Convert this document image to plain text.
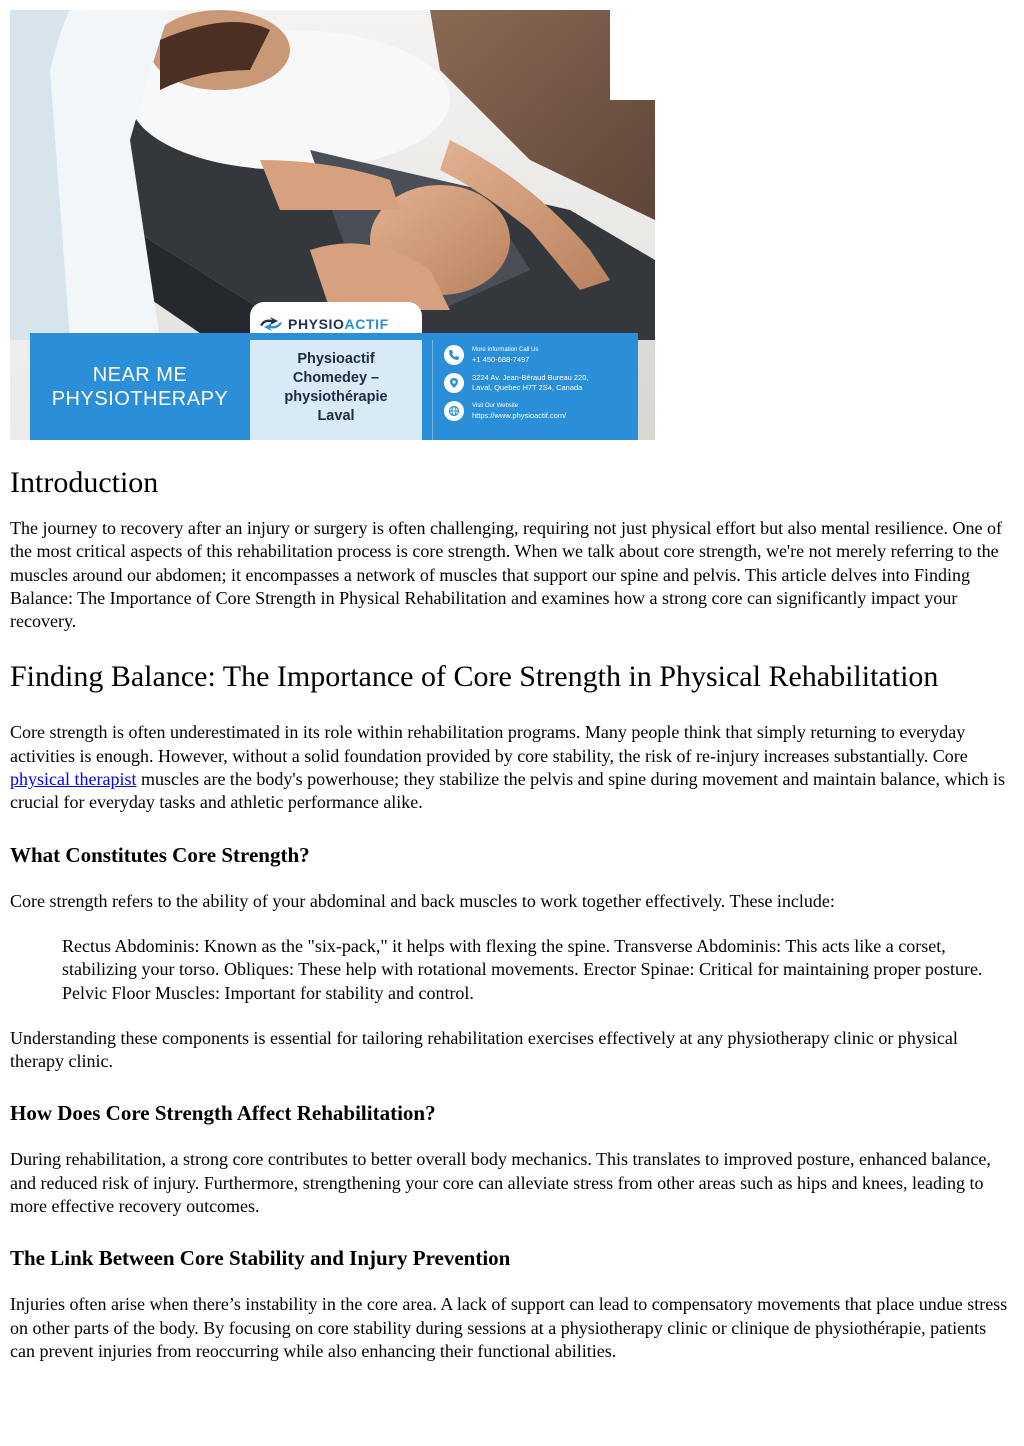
PHYSIO ACTIF
NEAR ME
PHYSIOTHERAPY
Physioactif
Chomedey –
physiothérapie
Laval
More Information Call Us
+1 450-688-7497
3224 Av. Jean-Béraud Bureau 220,
Laval, Quebec H7T 2S4, Canada
Visit Our Website
https://www.physioactif.com/
Introduction

The journey to recovery after an injury or surgery is often challenging, requiring not just physical effort but also mental resilience. One of the most critical aspects of this rehabilitation process is core strength. When we talk about core strength, we're not merely referring to the muscles around our abdomen; it encompasses a network of muscles that support our spine and pelvis. This article delves into Finding Balance: The Importance of Core Strength in Physical Rehabilitation and examines how a strong core can significantly impact your recovery.

Finding Balance: The Importance of Core Strength in Physical Rehabilitation

Core strength is often underestimated in its role within rehabilitation programs. Many people think that simply returning to everyday activities is enough. However, without a solid foundation provided by core stability, the risk of re-injury increases substantially. Core physical therapist muscles are the body's powerhouse; they stabilize the pelvis and spine during movement and maintain balance, which is crucial for everyday tasks and athletic performance alike.

What Constitutes Core Strength?

Core strength refers to the ability of your abdominal and back muscles to work together effectively. These include:

Rectus Abdominis: Known as the "six-pack," it helps with flexing the spine. Transverse Abdominis: This acts like a corset, stabilizing your torso. Obliques: These help with rotational movements. Erector Spinae: Critical for maintaining proper posture. Pelvic Floor Muscles: Important for stability and control.

Understanding these components is essential for tailoring rehabilitation exercises effectively at any physiotherapy clinic or physical therapy clinic.

How Does Core Strength Affect Rehabilitation?

During rehabilitation, a strong core contributes to better overall body mechanics. This translates to improved posture, enhanced balance, and reduced risk of injury. Furthermore, strengthening your core can alleviate stress from other areas such as hips and knees, leading to more effective recovery outcomes.

The Link Between Core Stability and Injury Prevention

Injuries often arise when there’s instability in the core area. A lack of support can lead to compensatory movements that place undue stress on other parts of the body. By focusing on core stability during sessions at a physiotherapy clinic or clinique de physiothérapie, patients can prevent injuries from reoccurring while also enhancing their functional abilities.
